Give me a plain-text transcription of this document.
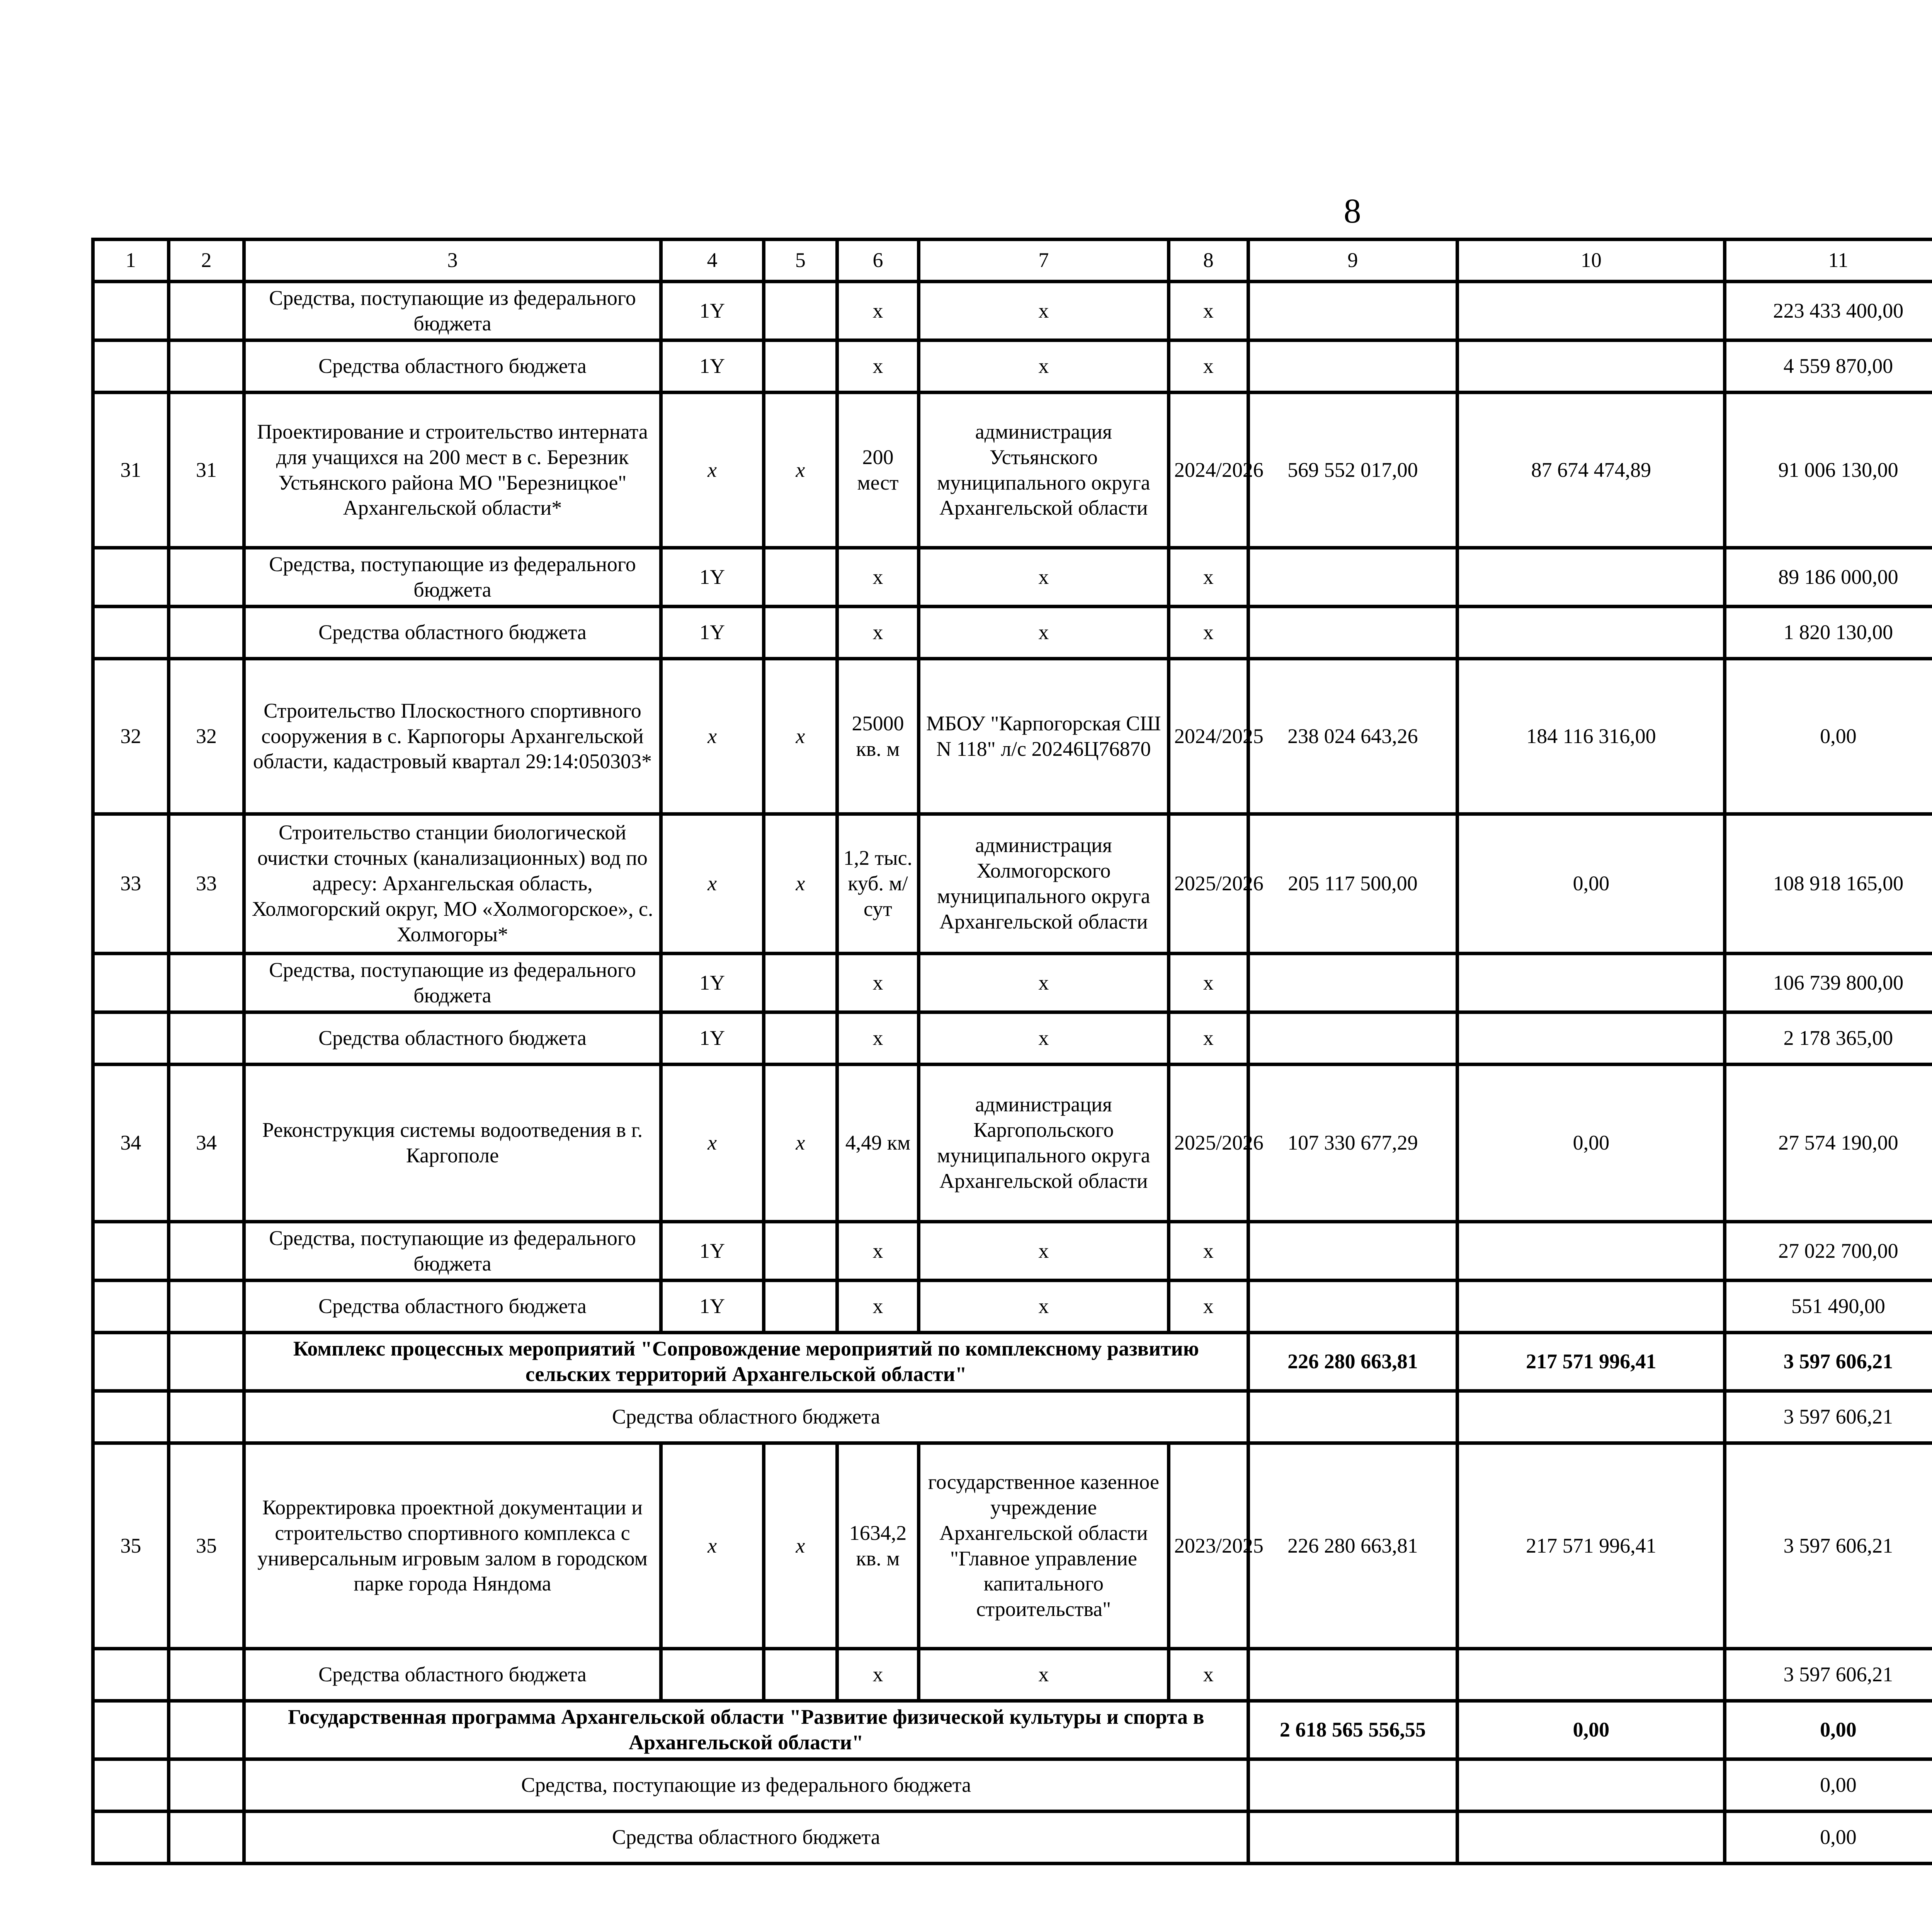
8
1	2	3	4	5	6	7	8	9	10	11			
		Средства, поступающие из федерального бюджета	1Y		х	х	х			223 433 400,00			
		Средства областного бюджета	1Y		х	х	х			4 559 870,00			
31	31	Проектирование и строительство интерната для учащихся на 200 мест в с. Березник Устьянского района МО "Березницкое" Архангельской области*	x	x	200 мест	администрация Устьянского муниципального округа Архангельской области	2024/2026	569 552 017,00	87 674 474,89	91 006 130,00			
		Средства, поступающие из федерального бюджета	1Y		х	х	х			89 186 000,00			
		Средства областного бюджета	1Y		х	х	х			1 820 130,00			
32	32	Строительство Плоскостного спортивного сооружения в с. Карпогоры Архангельской области, кадастровый квартал 29:14:050303*	x	x	25000 кв. м	МБОУ "Карпогорская СШ N 118" л/с 20246Ц76870	2024/2025	238 024 643,26	184 116 316,00	0,00			
33	33	Строительство станции биологической очистки сточных (канализационных) вод по адресу: Архангельская область, Холмогорский округ, МО «Холмогорское», с. Холмогоры*	x	x	1,2 тыс. куб. м/сут	администрация Холмогорского муниципального округа Архангельской области	2025/2026	205 117 500,00	0,00	108 918 165,00			
		Средства, поступающие из федерального бюджета	1Y		х	х	х			106 739 800,00			
		Средства областного бюджета	1Y		х	х	х			2 178 365,00			
34	34	Реконструкция системы водоотведения в г. Каргополе	x	x	4,49 км	администрация Каргопольского муниципального округа Архангельской области	2025/2026	107 330 677,29	0,00	27 574 190,00			
		Средства, поступающие из федерального бюджета	1Y		х	х	х			27 022 700,00			
		Средства областного бюджета	1Y		х	х	х			551 490,00			
		Комплекс процессных мероприятий "Сопровождение мероприятий по комплексному развитию сельских территорий Архангельской области"						226 280 663,81	217 571 996,41	3 597 606,21			
		Средства областного бюджета								3 597 606,21			
35	35	Корректировка проектной документации и строительство спортивного комплекса с универсальным игровым залом в городском парке города Няндома	x	x	1634,2 кв. м	государственное казенное учреждение Архангельской области "Главное управление капитального строительства"	2023/2025	226 280 663,81	217 571 996,41	3 597 606,21			
		Средства областного бюджета			х	х	х			3 597 606,21			
		Государственная программа Архангельской области "Развитие физической культуры и спорта в Архангельской области"						2 618 565 556,55	0,00	0,00			
		Средства, поступающие из федерального бюджета								0,00			
		Средства областного бюджета								0,00			
